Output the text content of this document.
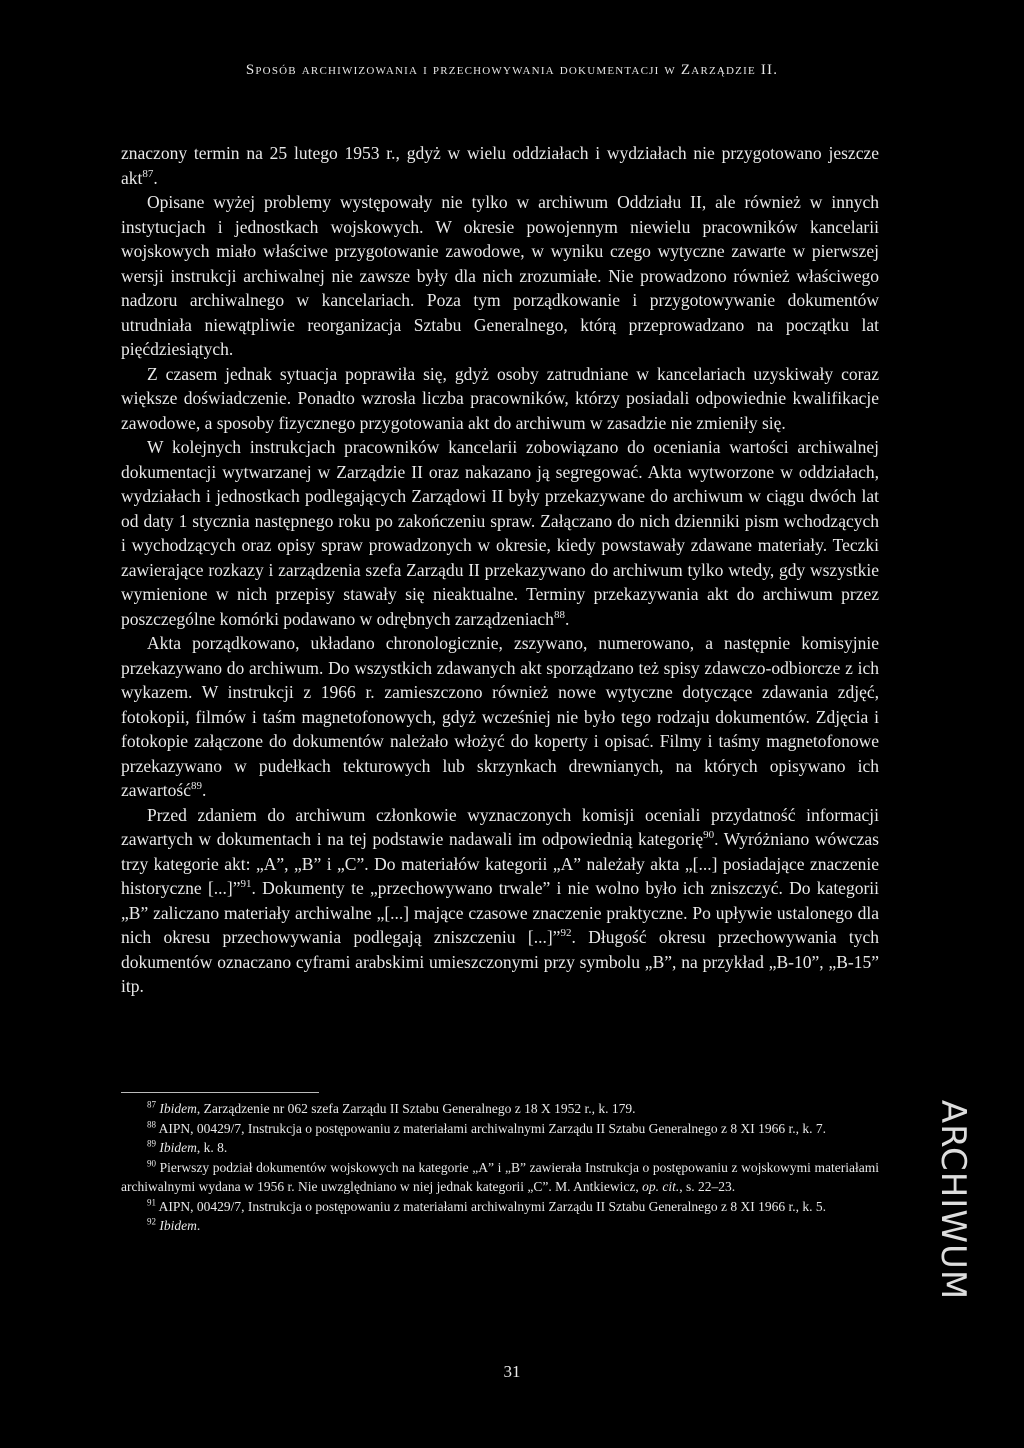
Sposób archiwizowania i przechowywania dokumentacji w Zarządzie II.

znaczony termin na 25 lutego 1953 r., gdyż w wielu oddziałach i wydziałach nie przygotowano jeszcze akt$^{87}$.

Opisane wyżej problemy występowały nie tylko w archiwum Oddziału II, ale również w innych instytucjach i jednostkach wojskowych. W okresie powojennym niewielu pracowników kancelarii wojskowych miało właściwe przygotowanie zawodowe, w wyniku czego wytyczne zawarte w pierwszej wersji instrukcji archiwalnej nie zawsze były dla nich zrozumiałe. Nie prowadzono również właściwego nadzoru archiwalnego w kancelariach. Poza tym porządkowanie i przygotowywanie dokumentów utrudniała niewątpliwie reorganizacja Sztabu Generalnego, którą przeprowadzano na początku lat pięćdziesiątych.

Z czasem jednak sytuacja poprawiła się, gdyż osoby zatrudniane w kancelariach uzyskiwały coraz większe doświadczenie. Ponadto wzrosła liczba pracowników, którzy posiadali odpowiednie kwalifikacje zawodowe, a sposoby fizycznego przygotowania akt do archiwum w zasadzie nie zmieniły się.

W kolejnych instrukcjach pracowników kancelarii zobowiązano do oceniania wartości archiwalnej dokumentacji wytwarzanej w Zarządzie II oraz nakazano ją segregować. Akta wytworzone w oddziałach, wydziałach i jednostkach podlegających Zarządowi II były przekazywane do archiwum w ciągu dwóch lat od daty 1 stycznia następnego roku po zakończeniu spraw. Załączano do nich dzienniki pism wchodzących i wychodzących oraz opisy spraw prowadzonych w okresie, kiedy powstawały zdawane materiały. Teczki zawierające rozkazy i zarządzenia szefa Zarządu II przekazywano do archiwum tylko wtedy, gdy wszystkie wymienione w nich przepisy stawały się nieaktualne. Terminy przekazywania akt do archiwum przez poszczególne komórki podawano w odrębnych zarządzeniach$^{88}$.

Akta porządkowano, układano chronologicznie, zszywano, numerowano, a następnie komisyjnie przekazywano do archiwum. Do wszystkich zdawanych akt sporządzano też spisy zdawczo-odbiorcze z ich wykazem. W instrukcji z 1966 r. zamieszczono również nowe wytyczne dotyczące zdawania zdjęć, fotokopii, filmów i taśm magnetofonowych, gdyż wcześniej nie było tego rodzaju dokumentów. Zdjęcia i fotokopie załączone do dokumentów należało włożyć do koperty i opisać. Filmy i taśmy magnetofonowe przekazywano w pudełkach tekturowych lub skrzynkach drewnianych, na których opisywano ich zawartość$^{89}$.

Przed zdaniem do archiwum członkowie wyznaczonych komisji oceniali przydatność informacji zawartych w dokumentach i na tej podstawie nadawali im odpowiednią kategorię$^{90}$. Wyróżniano wówczas trzy kategorie akt: „A”, „B” i „C”. Do materiałów kategorii „A” należały akta „[...] posiadające znaczenie historyczne [...]”$^{91}$. Dokumenty te „przechowywano trwale” i nie wolno było ich zniszczyć. Do kategorii „B” zaliczano materiały archiwalne „[...] mające czasowe znaczenie praktyczne. Po upływie ustalonego dla nich okresu przechowywania podlegają zniszczeniu [...]”$^{92}$. Długość okresu przechowywania tych dokumentów oznaczano cyframi arabskimi umieszczonymi przy symbolu „B”, na przykład „B-10”, „B-15” itp.

$^{87}$ Ibidem, Zarządzenie nr 062 szefa Zarządu II Sztabu Generalnego z 18 X 1952 r., k. 179.

$^{88}$ AIPN, 00429/7, Instrukcja o postępowaniu z materiałami archiwalnymi Zarządu II Sztabu Generalnego z 8 XI 1966 r., k. 7.

$^{89}$ Ibidem, k. 8.

$^{90}$ Pierwszy podział dokumentów wojskowych na kategorie „A” i „B” zawierała Instrukcja o postępowaniu z wojskowymi materiałami archiwalnymi wydana w 1956 r. Nie uwzględniano w niej jednak kategorii „C”. M. Antkiewicz, op. cit., s. 22–23.

$^{91}$ AIPN, 00429/7, Instrukcja o postępowaniu z materiałami archiwalnymi Zarządu II Sztabu Generalnego z 8 XI 1966 r., k. 5.

$^{92}$ Ibidem.

31
ARCHIWUM
